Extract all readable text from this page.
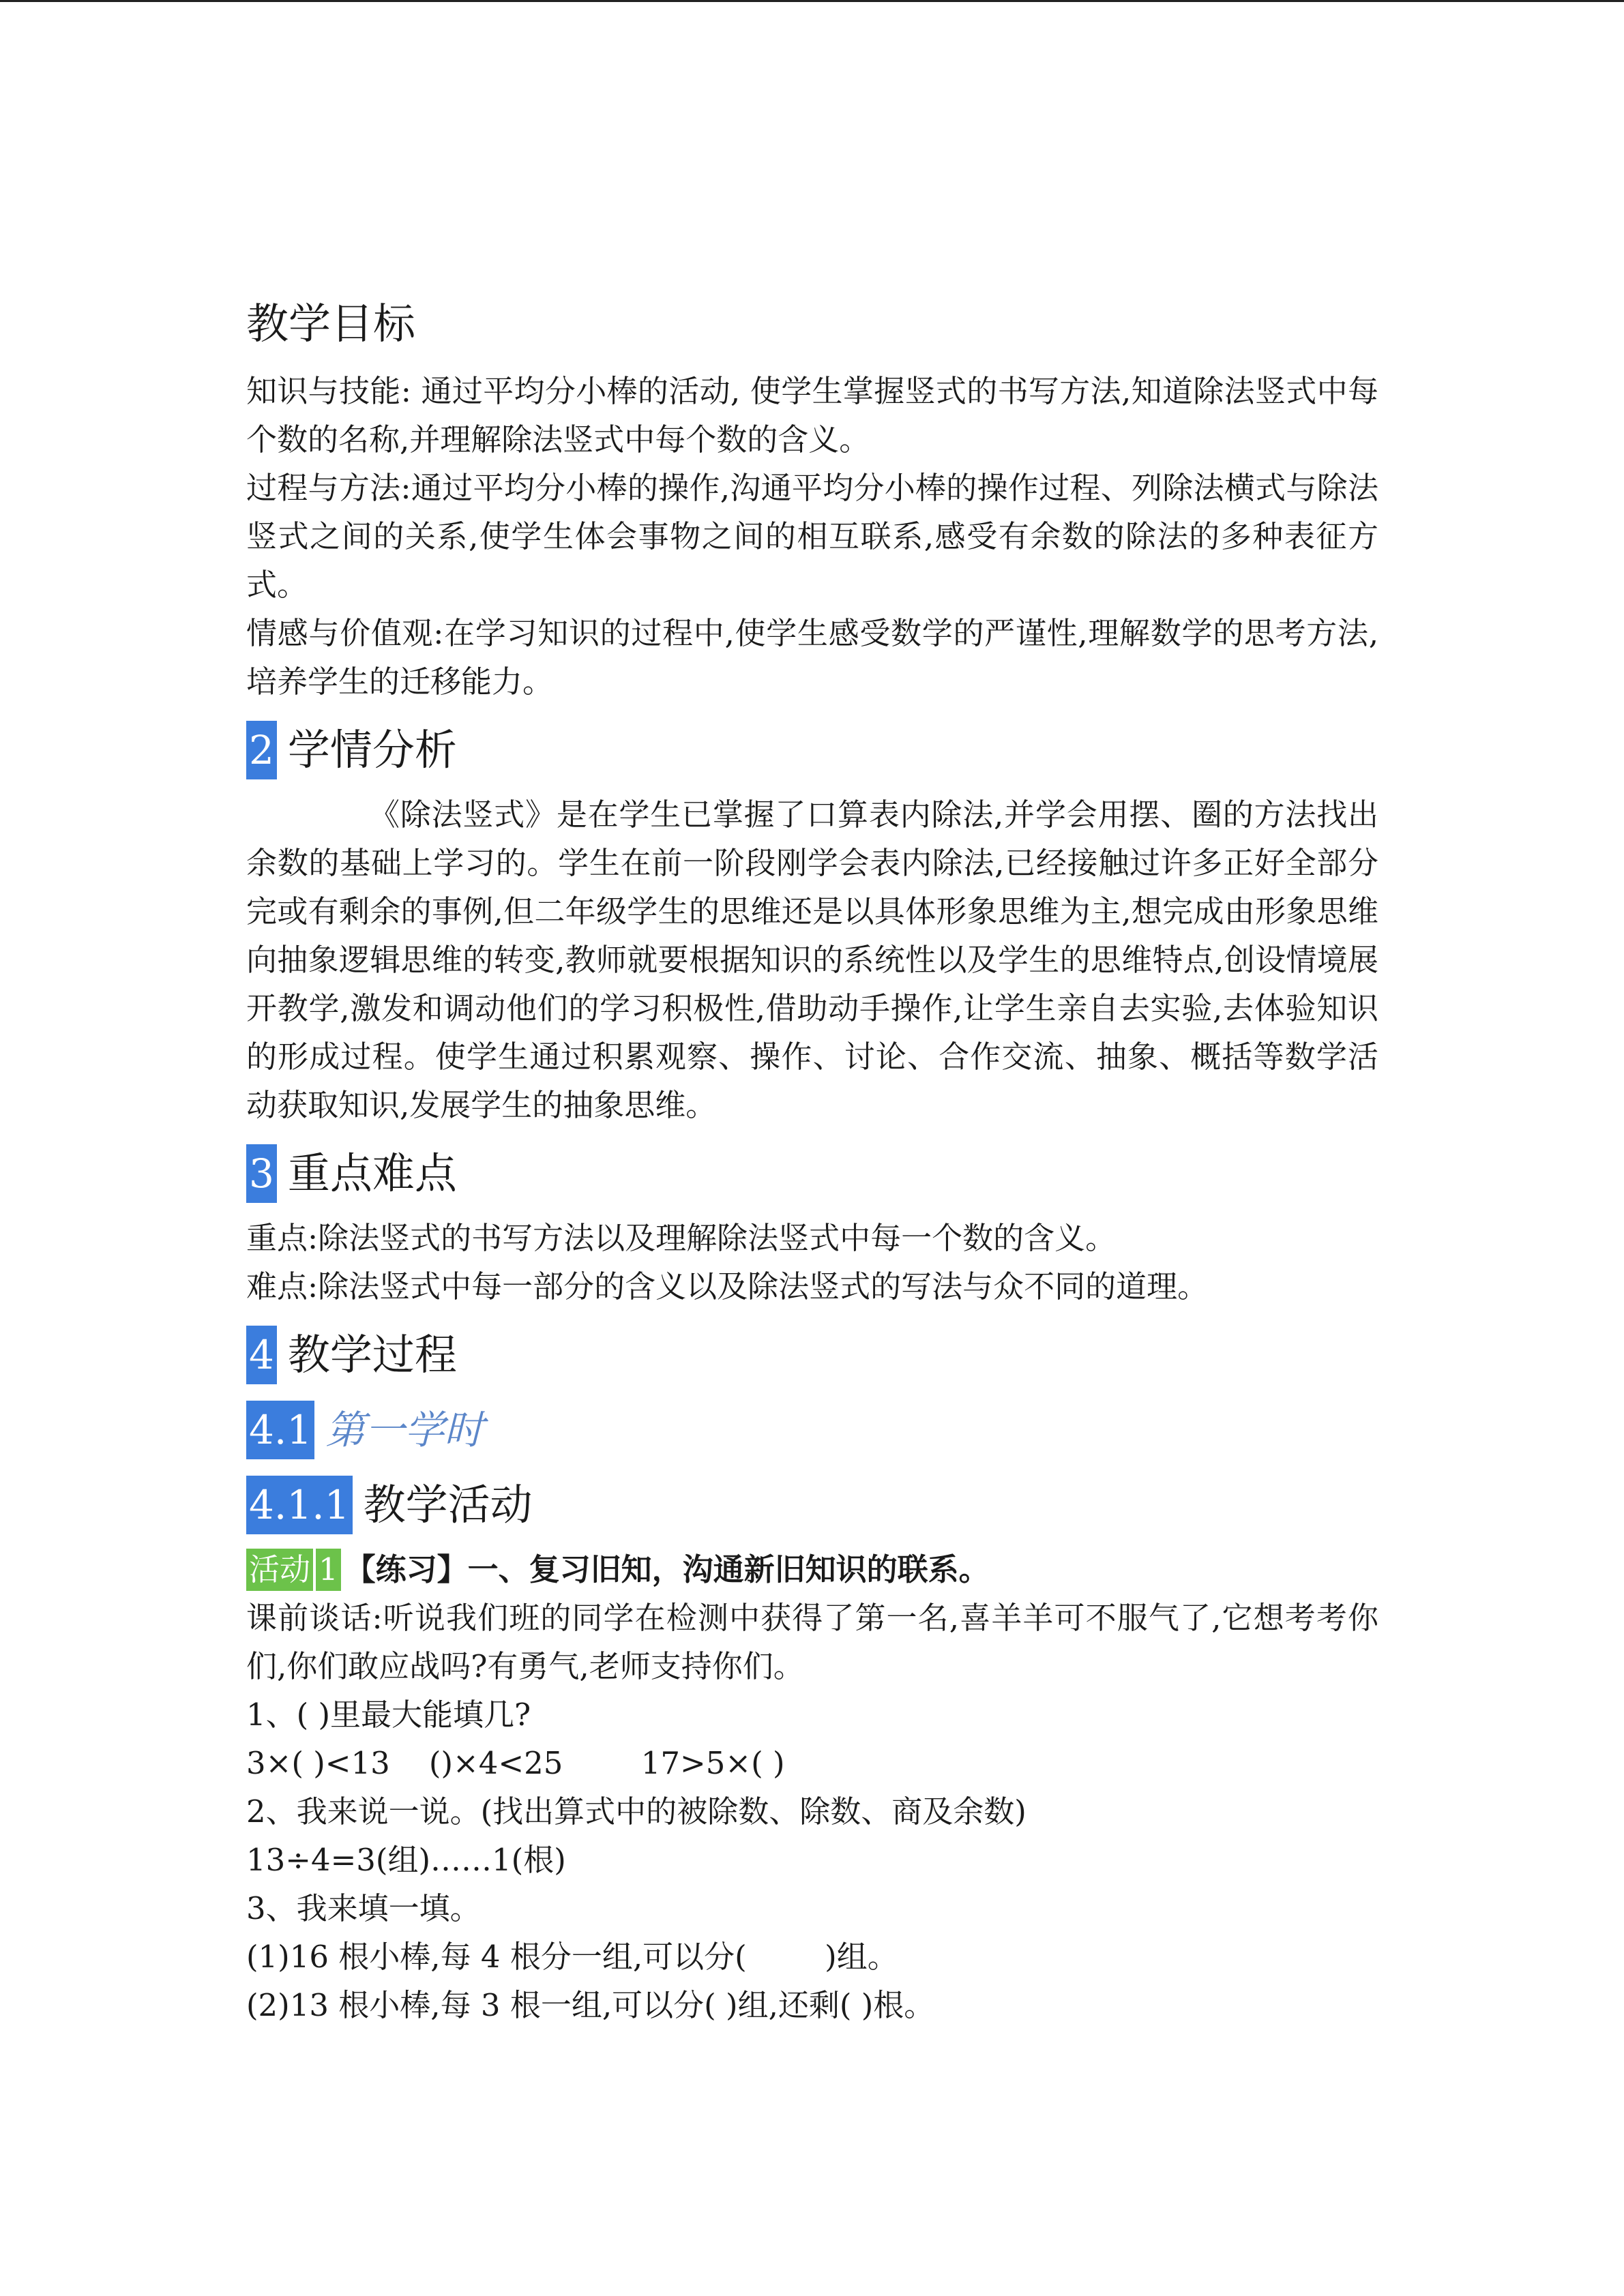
教学目标

知识与技能: 通过平均分小棒的活动, 使学生掌握竖式的书写方法,知道除法竖式中每个数的名称,并理解除法竖式中每个数的含义。

过程与方法:通过平均分小棒的操作,沟通平均分小棒的操作过程、列除法横式与除法竖式之间的关系,使学生体会事物之间的相互联系,感受有余数的除法的多种表征方式。

情感与价值观:在学习知识的过程中,使学生感受数学的严谨性,理解数学的思考方法,培养学生的迁移能力。

2 学情分析

《除法竖式》是在学生已掌握了口算表内除法,并学会用摆、圈的方法找出余数的基础上学习的。学生在前一阶段刚学会表内除法,已经接触过许多正好全部分完或有剩余的事例,但二年级学生的思维还是以具体形象思维为主,想完成由形象思维向抽象逻辑思维的转变,教师就要根据知识的系统性以及学生的思维特点,创设情境展开教学,激发和调动他们的学习积极性,借助动手操作,让学生亲自去实验,去体验知识的形成过程。使学生通过积累观察、操作、讨论、合作交流、抽象、概括等数学活动获取知识,发展学生的抽象思维。

3 重点难点

重点:除法竖式的书写方法以及理解除法竖式中每一个数的含义。

难点:除法竖式中每一部分的含义以及除法竖式的写法与众不同的道理。

4 教学过程
4.1 第一学时
4.1.1 教学活动
活动 1 【练习】一、复习旧知，沟通新旧知识的联系。

课前谈话:听说我们班的同学在检测中获得了第一名,喜羊羊可不服气了,它想考考你们,你们敢应战吗?有勇气,老师支持你们。

1、( )里最大能填几?

3×( )<13    ()×4<25        17>5×( )

2、我来说一说。(找出算式中的被除数、除数、商及余数)

13÷4=3(组)……1(根)

3、我来填一填。

(1)16 根小棒,每 4 根分一组,可以分(        )组。

(2)13 根小棒,每 3 根一组,可以分( )组,还剩( )根。
